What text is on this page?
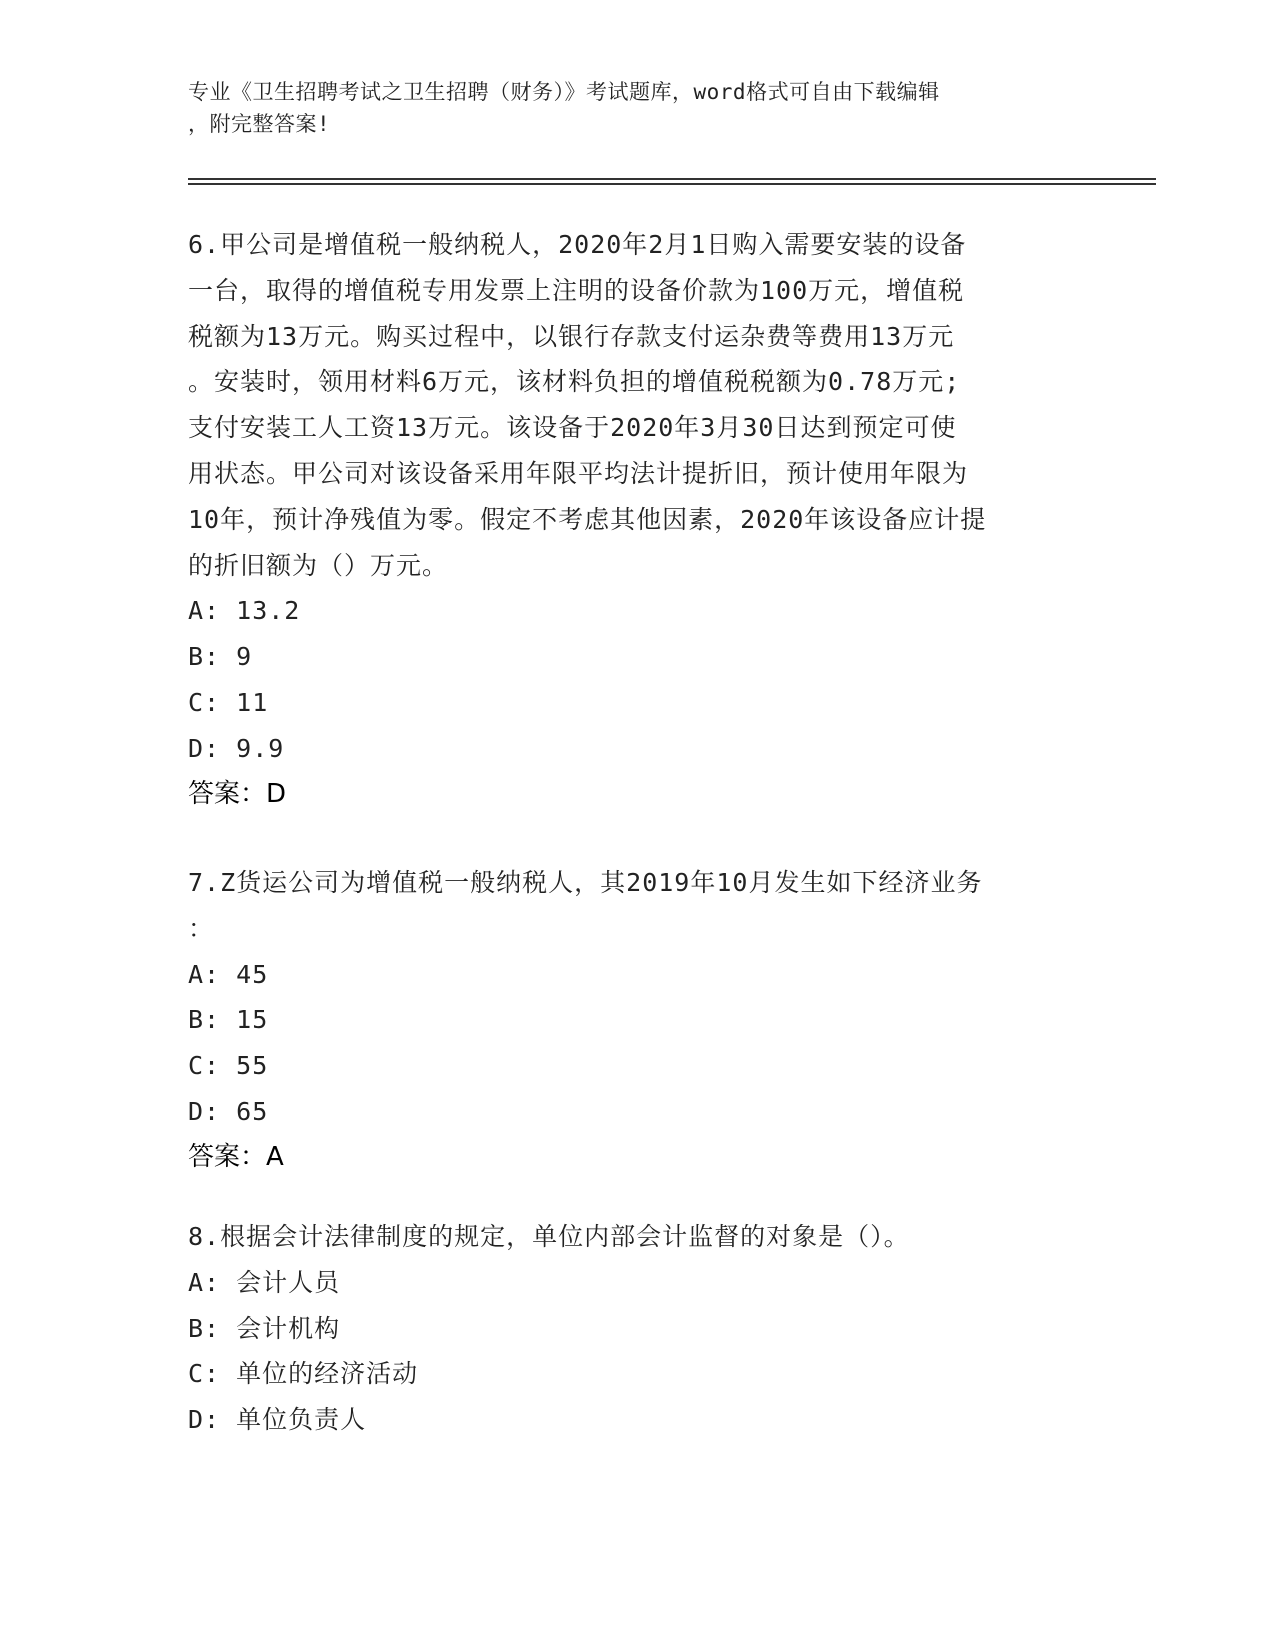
专业《卫生招聘考试之卫生招聘（财务）》考试题库，word格式可自由下载编辑
，附完整答案!
6.甲公司是增值税一般纳税人，2020年2月1日购入需要安装的设备
一台，取得的增值税专用发票上注明的设备价款为100万元，增值税
税额为13万元。购买过程中，以银行存款支付运杂费等费用13万元
。安装时，领用材料6万元，该材料负担的增值税税额为0.78万元;
支付安装工人工资13万元。该设备于2020年3月30日达到预定可使
用状态。甲公司对该设备采用年限平均法计提折旧，预计使用年限为
10年，预计净残值为零。假定不考虑其他因素，2020年该设备应计提
的折旧额为（）万元。
A: 13.2
B: 9
C: 11
D: 9.9
答案：D
7.Z货运公司为增值税一般纳税人，其2019年10月发生如下经济业务
：
A: 45
B: 15
C: 55
D: 65
答案：A
8.根据会计法律制度的规定，单位内部会计监督的对象是（）。
A: 会计人员
B: 会计机构
C: 单位的经济活动
D: 单位负责人
